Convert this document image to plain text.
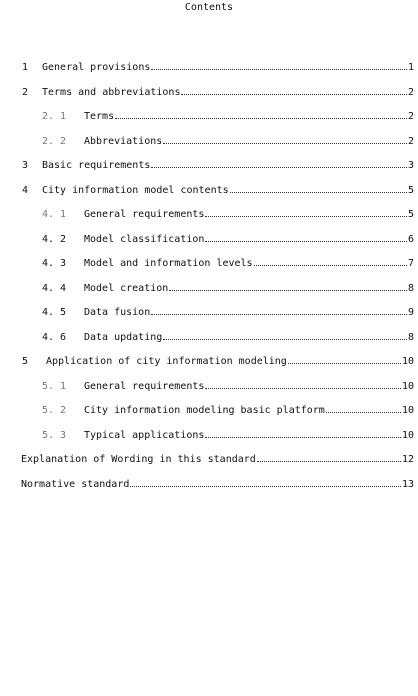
Contents
1 General provisions	1
2 Terms and abbreviations	2
2. 1 Terms	2
2. 2 Abbreviations	2
3 Basic requirements	3
4 City information model contents	5
4. 1 General requirements	5
4. 2 Model classification	6
4. 3 Model and information levels	7
4. 4 Model creation	8
4. 5 Data fusion	9
4. 6 Data updating	8
5 Application of city information modeling	10
5. 1 General requirements	10
5. 2 City information modeling basic platform	10
5. 3 Typical applications	10
Explanation of Wording in this standard	12
Normative standard	13
